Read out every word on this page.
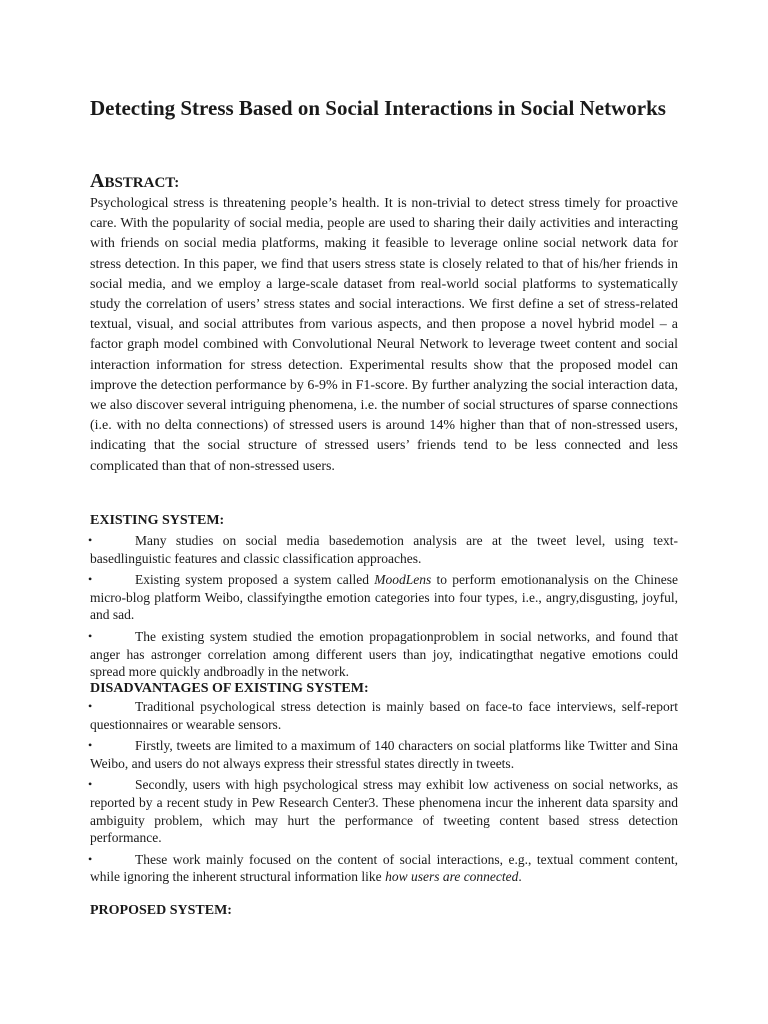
Detecting Stress Based on Social Interactions in Social Networks
ABSTRACT:

Psychological stress is threatening people’s health. It is non-trivial to detect stress timely for proactive care. With the popularity of social media, people are used to sharing their daily activities and interacting with friends on social media platforms, making it feasible to leverage online social network data for stress detection. In this paper, we find that users stress state is closely related to that of his/her friends in social media, and we employ a large-scale dataset from real-world social platforms to systematically study the correlation of users’ stress states and social interactions. We first define a set of stress-related textual, visual, and social attributes from various aspects, and then propose a novel hybrid model – a factor graph model combined with Convolutional Neural Network to leverage tweet content and social interaction information for stress detection. Experimental results show that the proposed model can improve the detection performance by 6-9% in F1-score. By further analyzing the social interaction data, we also discover several intriguing phenomena, i.e. the number of social structures of sparse connections (i.e. with no delta connections) of stressed users is around 14% higher than that of non-stressed users, indicating that the social structure of stressed users’ friends tend to be less connected and less complicated than that of non-stressed users.

EXISTING SYSTEM:
•	Many studies on social media basedemotion analysis are at the tweet level, using text-basedlinguistic features and classic classification approaches.
•	Existing system proposed a system called MoodLens to perform emotionanalysis on the Chinese micro-blog platform Weibo, classifyingthe emotion categories into four types, i.e., angry,disgusting, joyful, and sad.
•	The existing system studied the emotion propagationproblem in social networks, and found that anger has astronger correlation among different users than joy, indicatingthat negative emotions could spread more quickly andbroadly in the network.
DISADVANTAGES OF EXISTING SYSTEM:
•	Traditional psychological stress detection is mainly based on face-to face interviews, self-report questionnaires or wearable sensors.
•	Firstly, tweets are limited to a maximum of 140 characters on social platforms like Twitter and Sina Weibo, and users do not always express their stressful states directly in tweets.
•	Secondly, users with high psychological stress may exhibit low activeness on social networks, as reported by a recent study in Pew Research Center3. These phenomena incur the inherent data sparsity and ambiguity problem, which may hurt the performance of tweeting content based stress detection performance.
•	These work mainly focused on the content of social interactions, e.g., textual comment content, while ignoring the inherent structural information like how users are connected.
PROPOSED SYSTEM:
